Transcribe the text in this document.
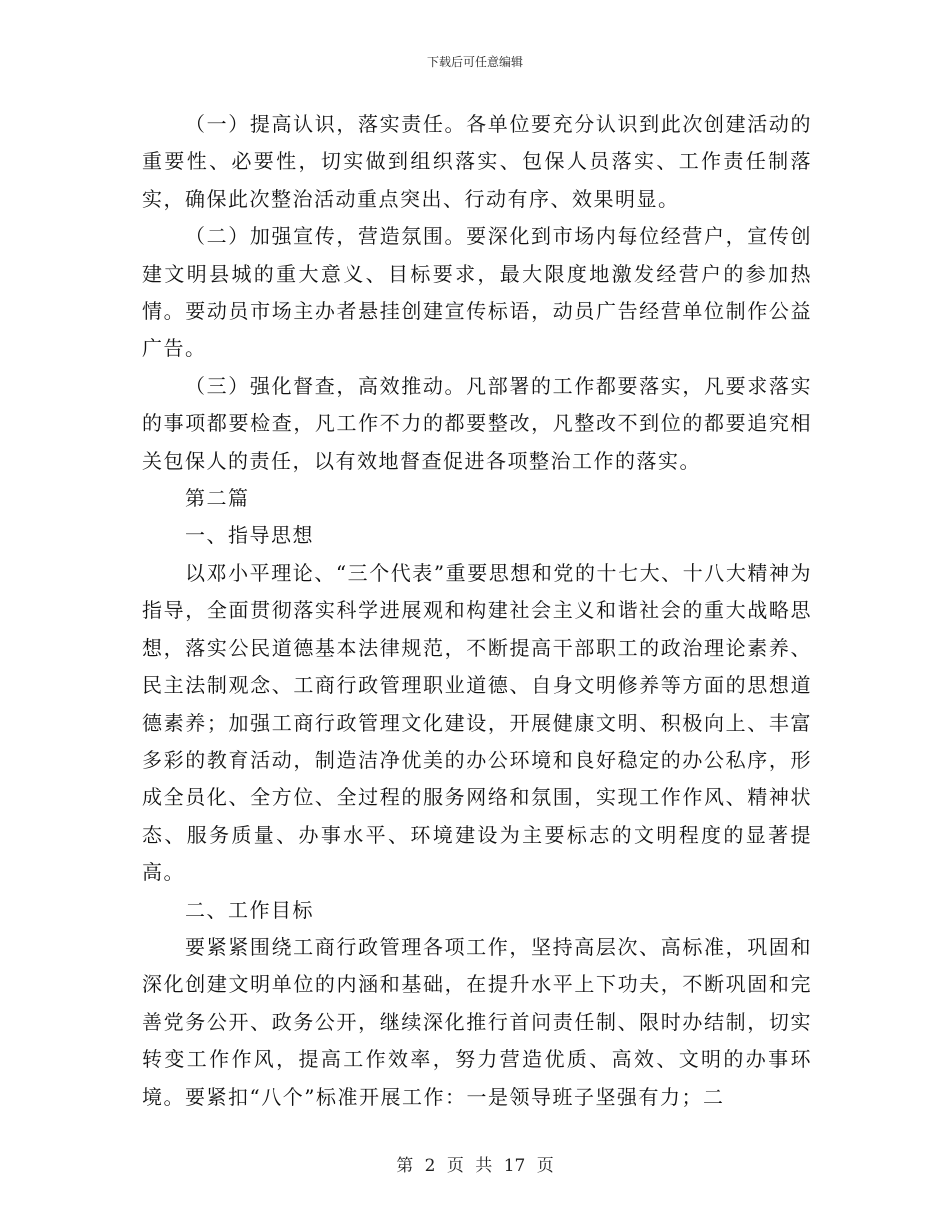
下载后可任意编辑

（一）提高认识，落实责任。各单位要充分认识到此次创建活动的重要性、必要性，切实做到组织落实、包保人员落实、工作责任制落实，确保此次整治活动重点突出、行动有序、效果明显。

（二）加强宣传，营造氛围。要深化到市场内每位经营户，宣传创建文明县城的重大意义、目标要求，最大限度地激发经营户的参加热情。要动员市场主办者悬挂创建宣传标语，动员广告经营单位制作公益广告。

（三）强化督查，高效推动。凡部署的工作都要落实，凡要求落实的事项都要检查，凡工作不力的都要整改，凡整改不到位的都要追究相关包保人的责任，以有效地督查促进各项整治工作的落实。

第二篇

一、指导思想

以邓小平理论、“三个代表”重要思想和党的十七大、十八大精神为指导，全面贯彻落实科学进展观和构建社会主义和谐社会的重大战略思想，落实公民道德基本法律规范，不断提高干部职工的政治理论素养、民主法制观念、工商行政管理职业道德、自身文明修养等方面的思想道德素养；加强工商行政管理文化建设，开展健康文明、积极向上、丰富多彩的教育活动，制造洁净优美的办公环境和良好稳定的办公私序，形成全员化、全方位、全过程的服务网络和氛围，实现工作作风、精神状态、服务质量、办事水平、环境建设为主要标志的文明程度的显著提高。

二、工作目标

要紧紧围绕工商行政管理各项工作，坚持高层次、高标准，巩固和深化创建文明单位的内涵和基础，在提升水平上下功夫，不断巩固和完善党务公开、政务公开，继续深化推行首问责任制、限时办结制，切实转变工作作风，提高工作效率，努力营造优质、高效、文明的办事环境。要紧扣“八个”标准开展工作：一是领导班子坚强有力；二

第 2 页 共 17 页
